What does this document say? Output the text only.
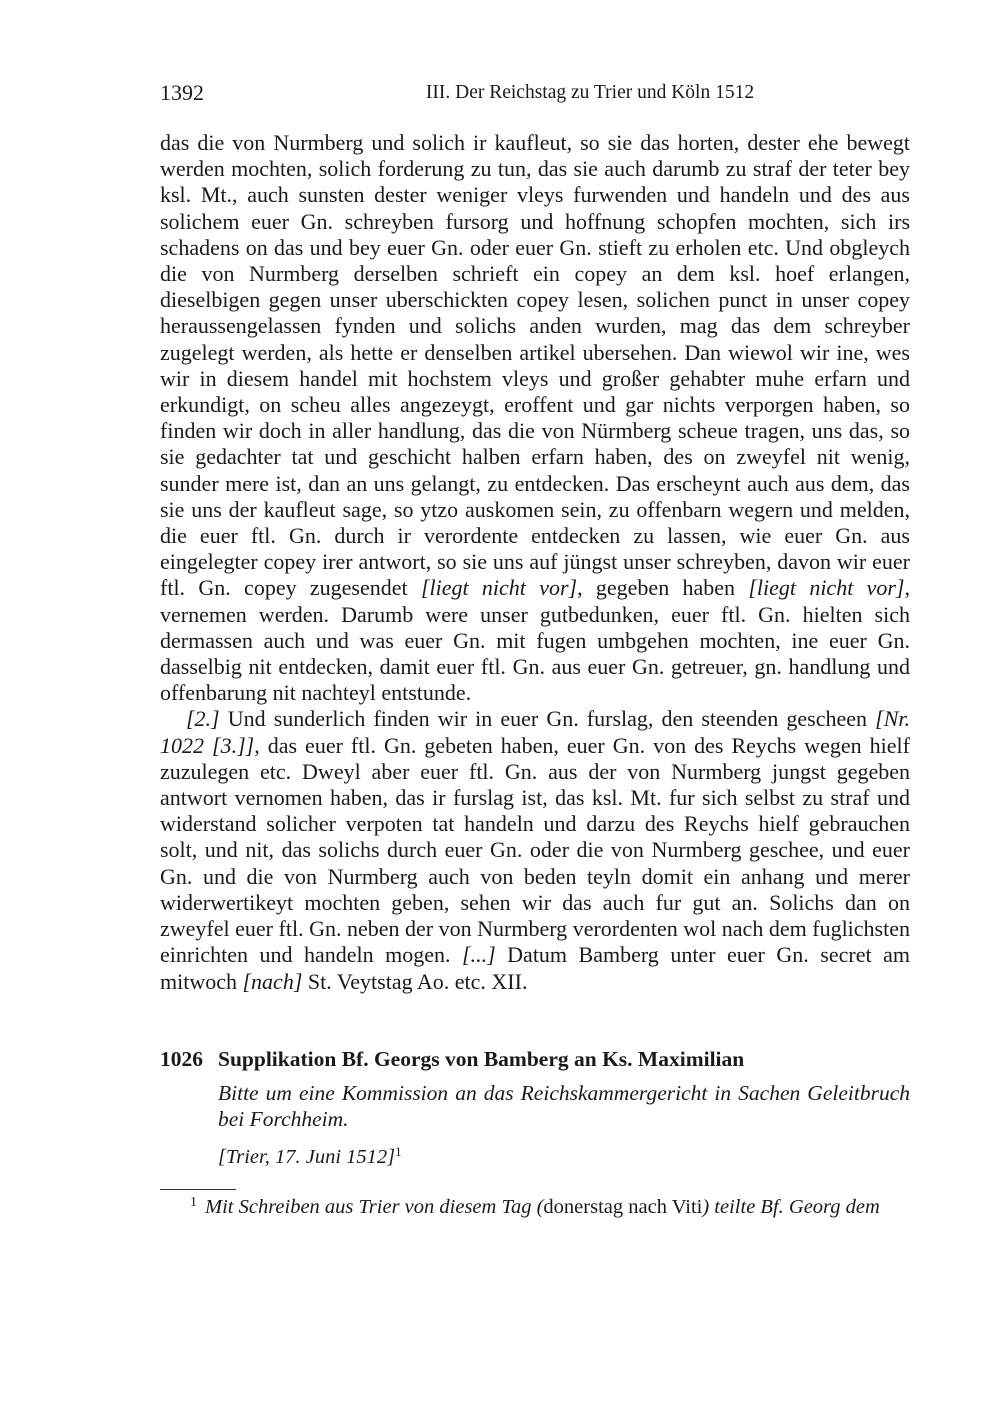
1392	III. Der Reichstag zu Trier und Köln 1512

das die von Nurmberg und solich ir kaufleut, so sie das horten, dester ehe bewegt werden mochten, solich forderung zu tun, das sie auch darumb zu straf der teter bey ksl. Mt., auch sunsten dester weniger vleys furwenden und handeln und des aus solichem euer Gn. schreyben fursorg und hoffnung schopfen mochten, sich irs schadens on das und bey euer Gn. oder euer Gn. stieft zu erholen etc. Und obgleych die von Nurmberg derselben schrieft ein copey an dem ksl. hoef erlangen, dieselbigen gegen unser uberschickten copey lesen, solichen punct in unser copey heraussengelassen fynden und solichs anden wurden, mag das dem schreyber zugelegt werden, als hette er denselben artikel ubersehen. Dan wiewol wir ine, wes wir in diesem handel mit hochstem vleys und großer gehabter muhe erfarn und erkundigt, on scheu alles angezeygt, eroffent und gar nichts verporgen haben, so finden wir doch in aller handlung, das die von Nürmberg scheue tragen, uns das, so sie gedachter tat und geschicht halben erfarn haben, des on zweyfel nit wenig, sunder mere ist, dan an uns gelangt, zu entdecken. Das erscheynt auch aus dem, das sie uns der kaufleut sage, so ytzo auskomen sein, zu offenbarn wegern und melden, die euer ftl. Gn. durch ir verordente entdecken zu lassen, wie euer Gn. aus eingelegter copey irer antwort, so sie uns auf jüngst unser schreyben, davon wir euer ftl. Gn. copey zugesendet [liegt nicht vor], gegeben haben [liegt nicht vor], vernemen werden. Darumb were unser gutbedunken, euer ftl. Gn. hielten sich dermassen auch und was euer Gn. mit fugen umbgehen mochten, ine euer Gn. dasselbig nit entdecken, damit euer ftl. Gn. aus euer Gn. getreuer, gn. handlung und offenbarung nit nachteyl entstunde.

[2.] Und sunderlich finden wir in euer Gn. furslag, den steenden gescheen [Nr. 1022 [3.]], das euer ftl. Gn. gebeten haben, euer Gn. von des Reychs wegen hielf zuzulegen etc. Dweyl aber euer ftl. Gn. aus der von Nurmberg jungst gegeben antwort vernomen haben, das ir furslag ist, das ksl. Mt. fur sich selbst zu straf und widerstand solicher verpoten tat handeln und darzu des Reychs hielf gebrauchen solt, und nit, das solichs durch euer Gn. oder die von Nurmberg geschee, und euer Gn. und die von Nurmberg auch von beden teyln domit ein anhang und merer widerwertikeyt mochten geben, sehen wir das auch fur gut an. Solichs dan on zweyfel euer ftl. Gn. neben der von Nurmberg verordenten wol nach dem fuglichsten einrichten und handeln mogen. [...] Datum Bamberg unter euer Gn. secret am mitwoch [nach] St. Veytstag Ao. etc. XII.

1026 Supplikation Bf. Georgs von Bamberg an Ks. Maximilian
Bitte um eine Kommission an das Reichskammergericht in Sachen Geleitbruch bei Forchheim.
[Trier, 17. Juni 1512]$^1$
$^1$ Mit Schreiben aus Trier von diesem Tag (donerstag nach Viti) teilte Bf. Georg dem
